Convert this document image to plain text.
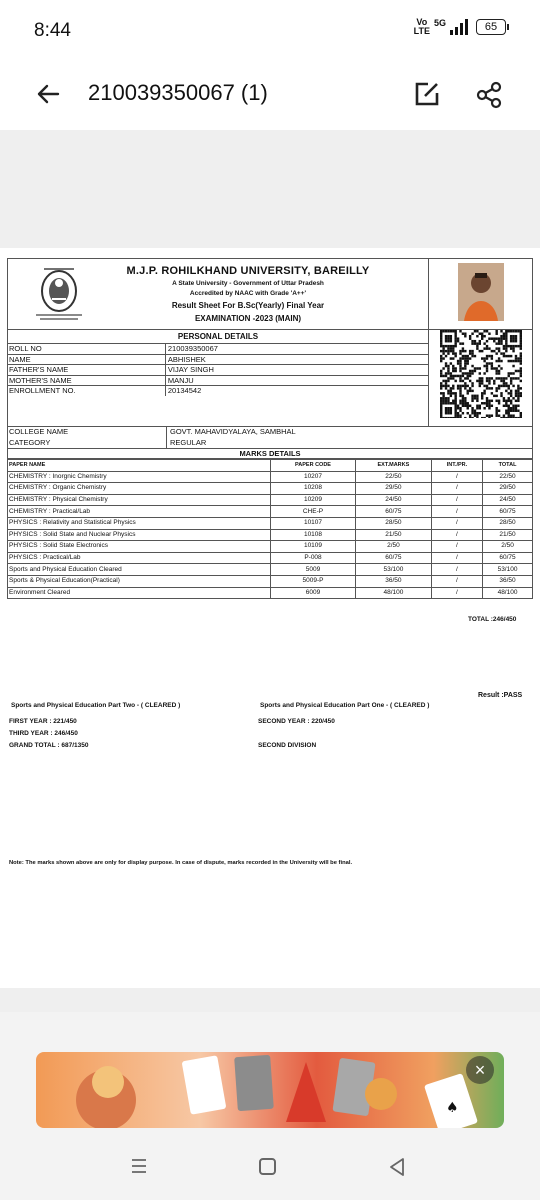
8:44	Vo
LTE
5G	65
210039350067 (1)
M.J.P. ROHILKHAND UNIVERSITY, BAREILLY
A State University - Government of Uttar Pradesh
Accredited by NAAC with Grade 'A++'
Result Sheet For B.Sc(Yearly) Final Year
EXAMINATION -2023 (MAIN)
PERSONAL DETAILS
ROLL NO	210039350067
NAME	ABHISHEK
FATHER'S NAME	VIJAY SINGH
MOTHER'S NAME	MANJU
ENROLLMENT NO.	20134542
COLLEGE NAME	GOVT. MAHAVIDYALAYA, SAMBHAL
CATEGORY	REGULAR
MARKS DETAILS
PAPER NAME	PAPER CODE	EXT.MARKS	INT./PR.	TOTAL
CHEMISTRY : Inorgnic Chemistry	10207	22/50	/	22/50
CHEMISTRY : Organic Chemistry	10208	29/50	/	29/50
CHEMISTRY : Physical Chemistry	10209	24/50	/	24/50
CHEMISTRY : Practical/Lab	CHE-P	60/75	/	60/75
PHYSICS : Relativity and Statistical Physics	10107	28/50	/	28/50
PHYSICS : Solid State and Nuclear Physics	10108	21/50	/	21/50
PHYSICS : Solid State Electronics	10109	2/50	/	2/50
PHYSICS : Practical/Lab	P-008	60/75	/	60/75
Sports and Physical Education Cleared	5009	53/100	/	53/100
Sports & Physical Education(Practical)	5009-P	36/50	/	36/50
Environment Cleared	6009	48/100	/	48/100
TOTAL :246/450
Result :PASS
Sports and Physical Education Part Two - ( CLEARED )	Sports and Physical Education Part One - ( CLEARED )
FIRST YEAR : 221/450	SECOND YEAR : 220/450
THIRD YEAR : 246/450
GRAND TOTAL : 687/1350	SECOND DIVISION
Note: The marks shown above are only for display purpose. In case of dispute, marks recorded in the University will be final.
♠
×
